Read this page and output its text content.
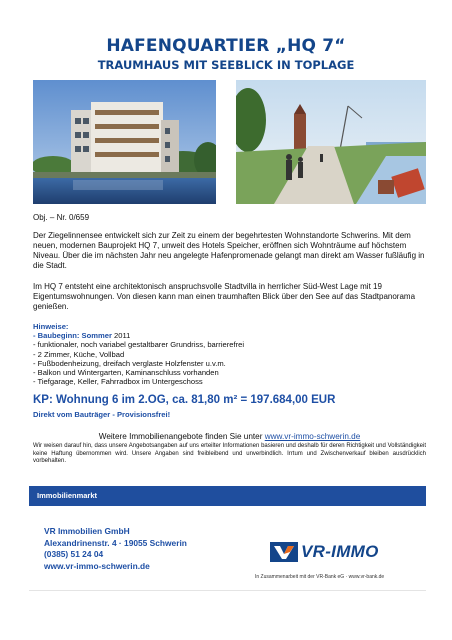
HAFENQUARTIER „HQ 7“
TRAUMHAUS MIT SEEBLICK IN TOPLAGE
Obj. – Nr. 0/659
Der Ziegelinnensee entwickelt sich zur Zeit zu einem der begehrtesten Wohnstandorte Schwerins. Mit dem neuen, modernen Bauprojekt HQ 7, unweit des Hotels Speicher, eröffnen sich Wohnträume auf höchstem Niveau. Über die im nächsten Jahr neu angelegte Hafenpromenade gelangt man direkt am Wasser fußläufig in die Stadt.
Im HQ 7 entsteht eine architektonisch anspruchsvolle Stadtvilla in herrlicher Süd-West Lage mit 19 Eigentumswohnungen. Von diesen kann man einen traumhaften Blick über den See auf das Stadtpanorama genießen.
Hinweise:
- Baubeginn: Sommer 2011
- funktionaler, noch variabel gestaltbarer Grundriss, barrierefrei
- 2 Zimmer, Küche, Vollbad
- Fußbodenheizung, dreifach verglaste Holzfenster u.v.m.
- Balkon und Wintergarten, Kaminanschluss vorhanden
- Tiefgarage, Keller, Fahrradbox im Untergeschoss
KP: Wohnung 6 im 2.OG, ca. 81,80 m² = 197.684,00 EUR
Direkt vom Bauträger - Provisionsfrei!
Weitere Immobilienangebote finden Sie unter www.vr-immo-schwerin.de
Wir weisen darauf hin, dass unsere Angebotsangaben auf uns erteilter Informationen basieren und deshalb für deren Richtigkeit und Vollständigkeit keine Haftung übernommen wird. Unsere Angaben sind freibleibend und unverbindlich. Irrtum und Zwischenverkauf bleiben ausdrücklich vorbehalten.
Immobilienmarkt
VR Immobilien GmbH
Alexandrinenstr. 4 · 19055 Schwerin
(0385) 51 24 04
www.vr-immo-schwerin.de
VR-IMMO
In Zusammenarbeit mit der VR-Bank eG · www.vr-bank.de
